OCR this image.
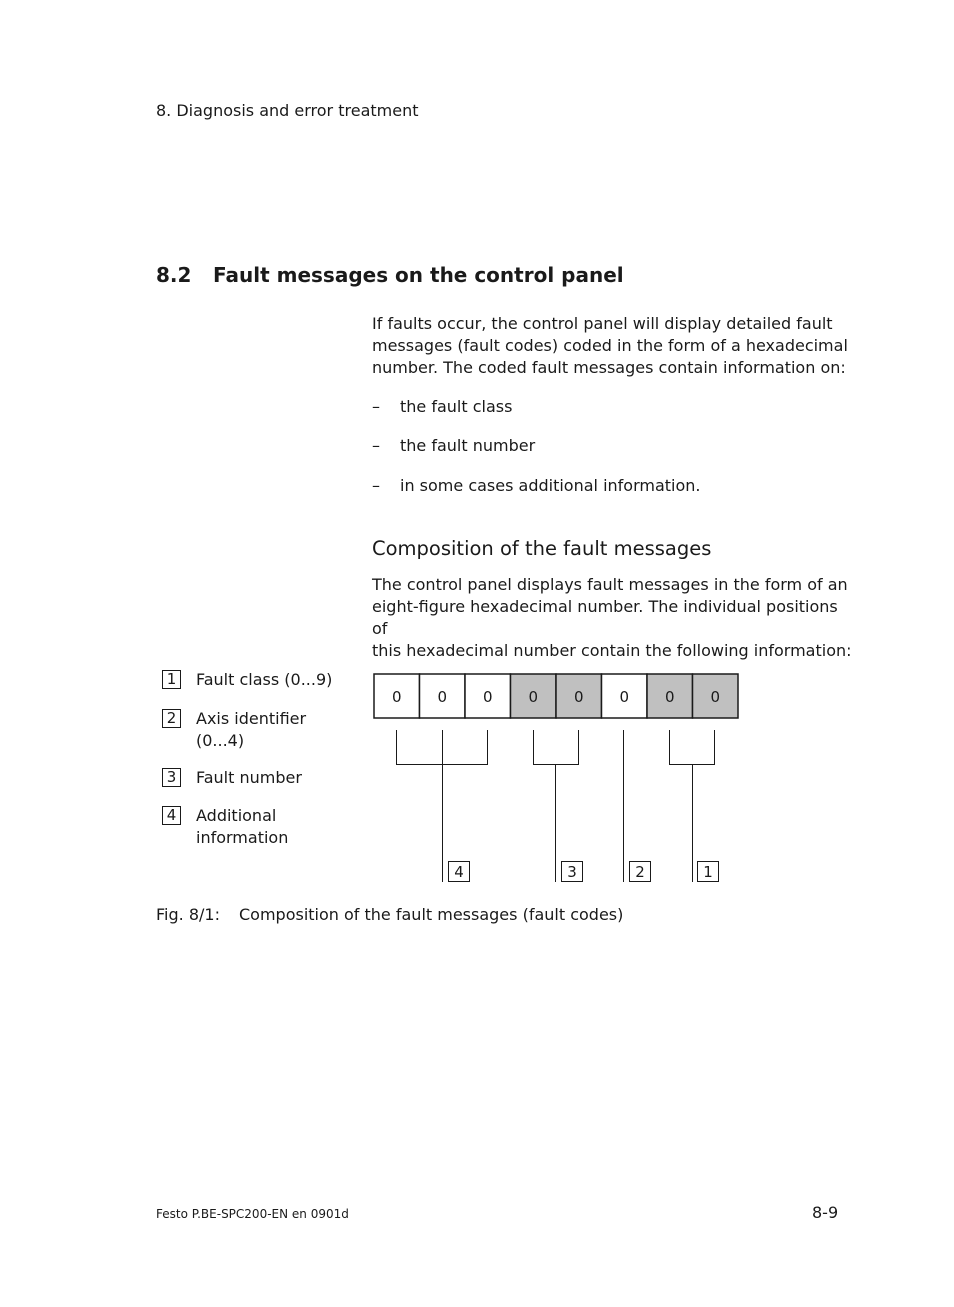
8. Diagnosis and error treatment
8.2 Fault messages on the control panel
If faults occur, the control panel will display detailed fault
messages (fault codes) coded in the form of a hexadecimal
number. The coded fault messages contain information on:
– the fault class
– the fault number
– in some cases additional information.
Composition of the fault messages
The control panel displays fault messages in the form of an
eight-figure hexadecimal number. The individual positions of
this hexadecimal number contain the following information:
1 Fault class (0...9)
2 Axis identifier
(0...4)
3 Fault number
4 Additional
information
0 0 0 0 0 0 0 0
4	3	2	1
Fig. 8/1: Composition of the fault messages (fault codes)
Festo P.BE-SPC200-EN en 0901d	8-9
